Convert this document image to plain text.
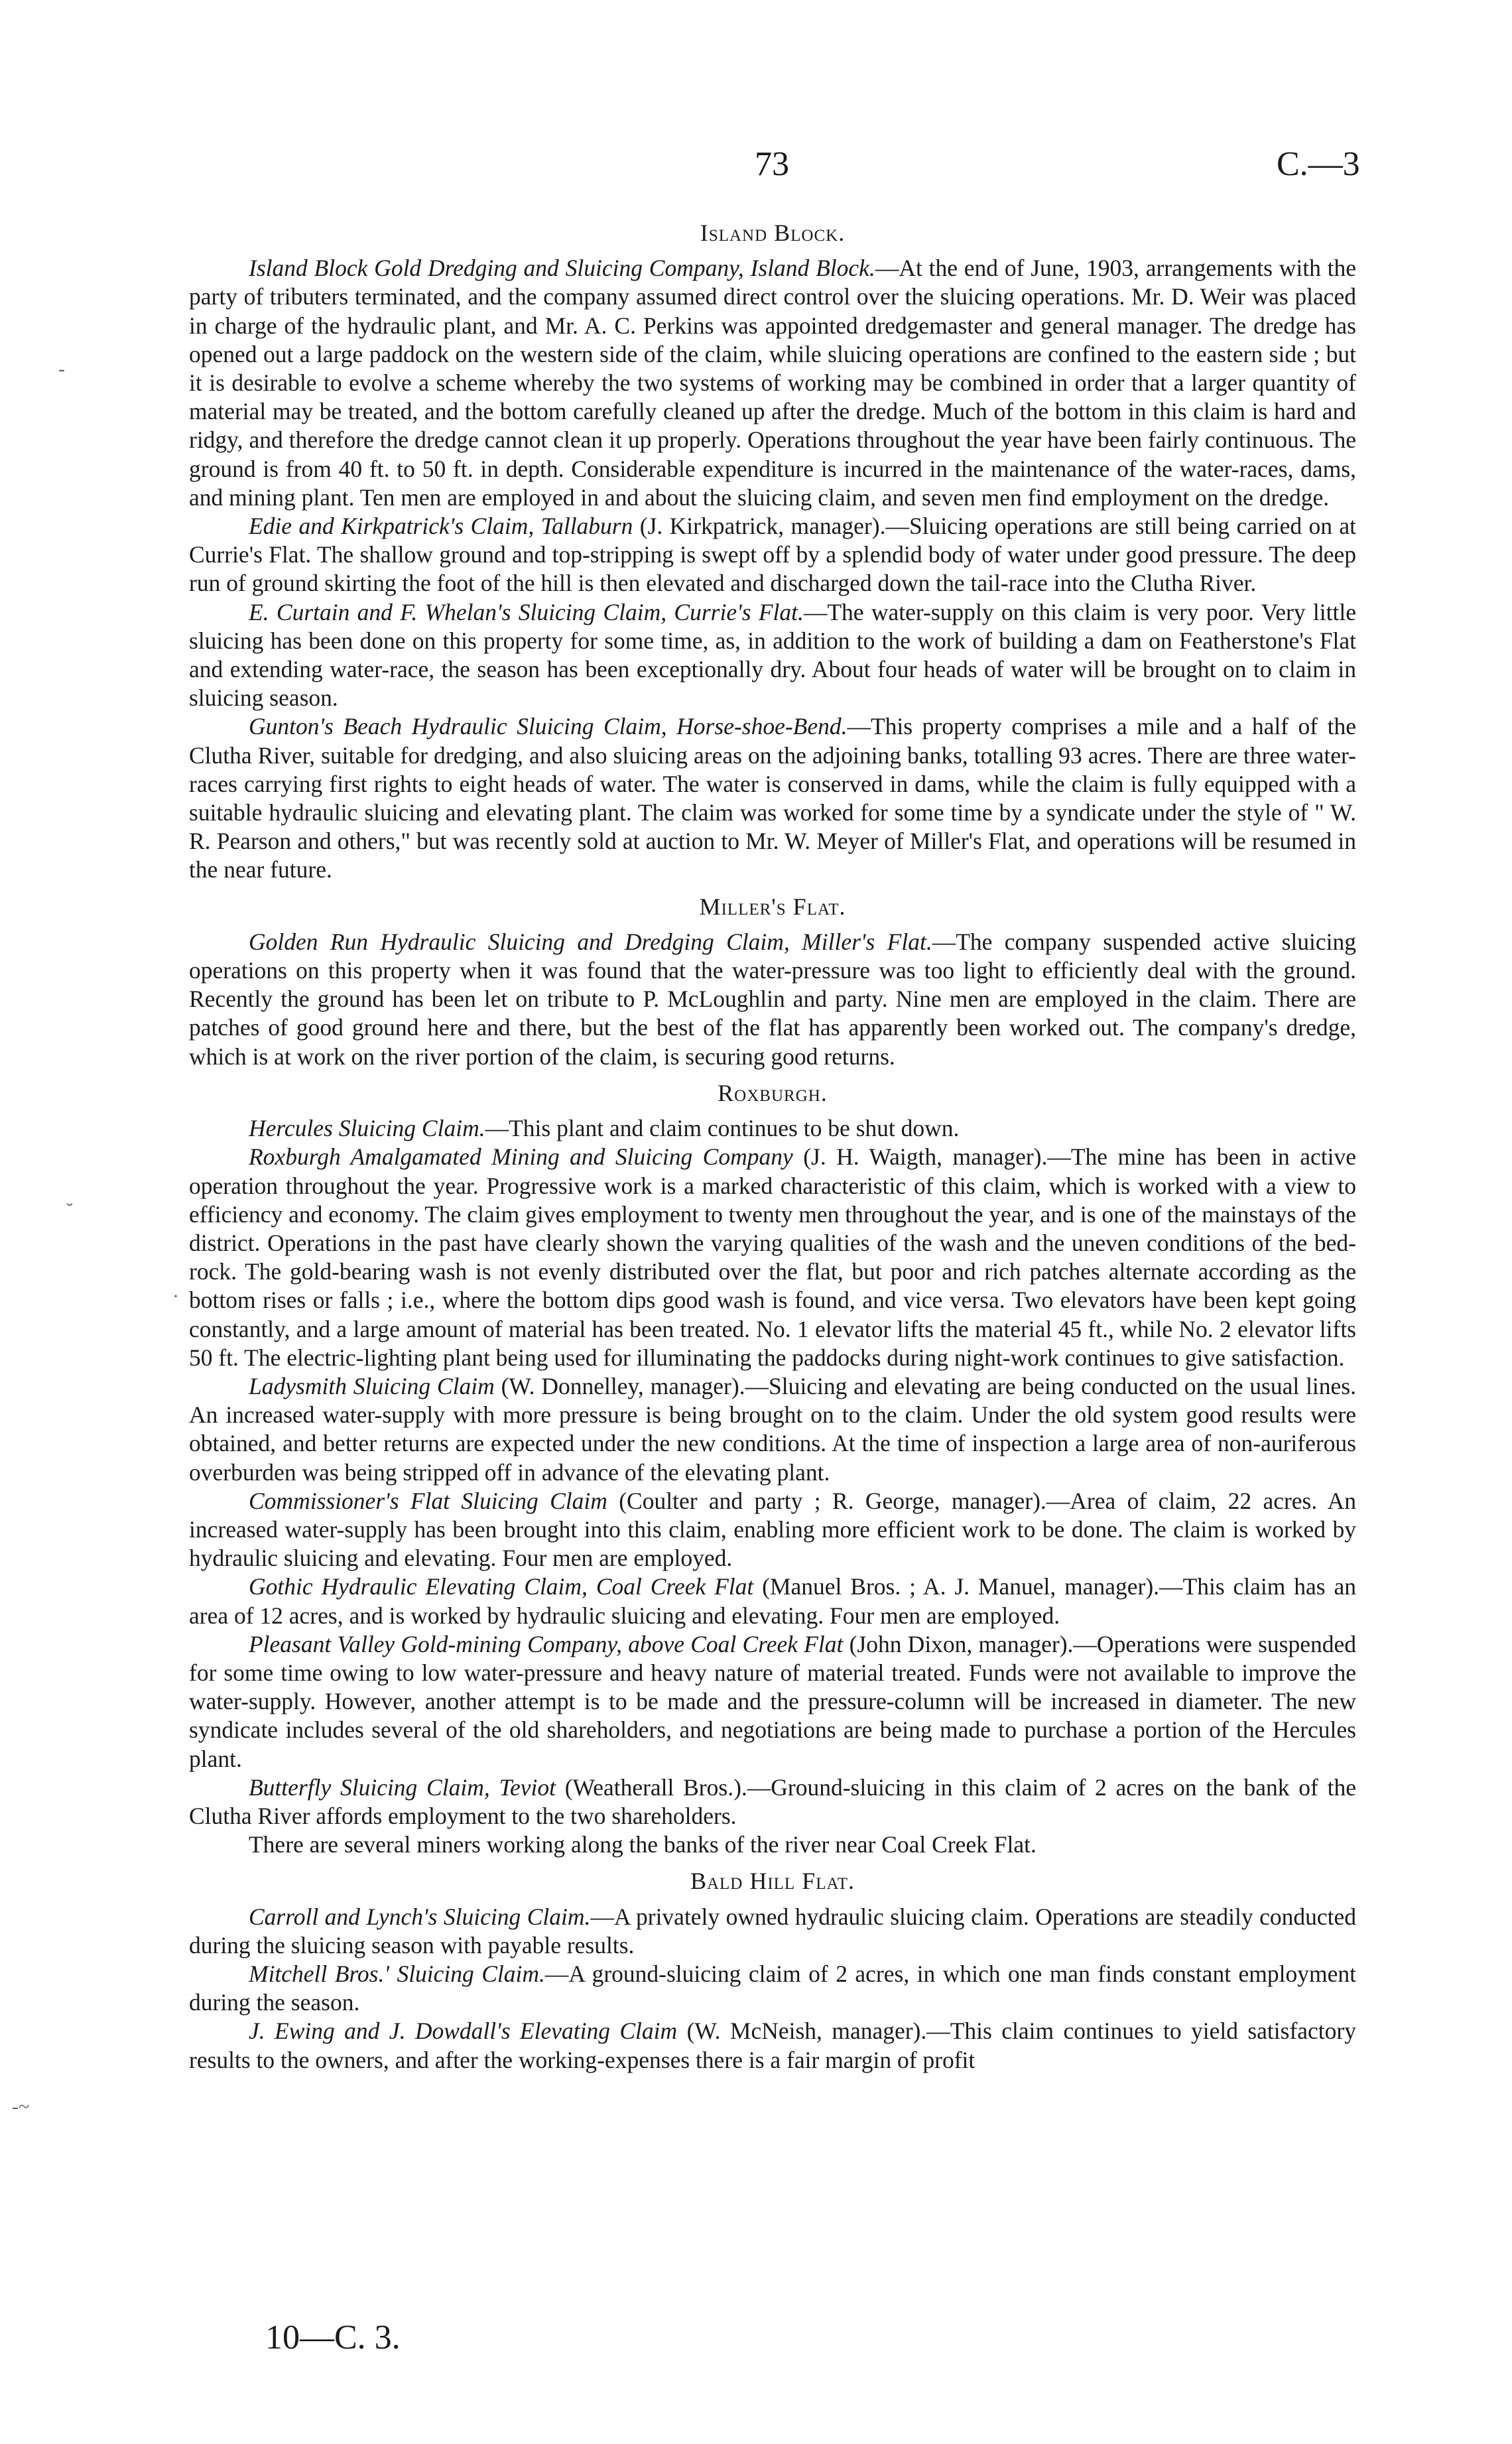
73	C.—3
-
˘
·
-~
Island Block.

Island Block Gold Dredging and Sluicing Company, Island Block.—At the end of June, 1903, arrangements with the party of tributers terminated, and the company assumed direct control over the sluicing operations. Mr. D. Weir was placed in charge of the hydraulic plant, and Mr. A. C. Perkins was appointed dredgemaster and general manager. The dredge has opened out a large paddock on the western side of the claim, while sluicing operations are confined to the eastern side ; but it is desirable to evolve a scheme whereby the two systems of working may be combined in order that a larger quantity of material may be treated, and the bottom carefully cleaned up after the dredge. Much of the bottom in this claim is hard and ridgy, and therefore the dredge cannot clean it up properly. Operations throughout the year have been fairly continuous. The ground is from 40 ft. to 50 ft. in depth. Considerable expenditure is incurred in the maintenance of the water-races, dams, and mining plant. Ten men are employed in and about the sluicing claim, and seven men find employment on the dredge.

Edie and Kirkpatrick's Claim, Tallaburn (J. Kirkpatrick, manager).—Sluicing operations are still being carried on at Currie's Flat. The shallow ground and top-stripping is swept off by a splendid body of water under good pressure. The deep run of ground skirting the foot of the hill is then elevated and discharged down the tail-race into the Clutha River.

E. Curtain and F. Whelan's Sluicing Claim, Currie's Flat.—The water-supply on this claim is very poor. Very little sluicing has been done on this property for some time, as, in addition to the work of building a dam on Featherstone's Flat and extending water-race, the season has been exceptionally dry. About four heads of water will be brought on to claim in sluicing season.

Gunton's Beach Hydraulic Sluicing Claim, Horse-shoe-Bend.—This property comprises a mile and a half of the Clutha River, suitable for dredging, and also sluicing areas on the adjoining banks, totalling 93 acres. There are three water-races carrying first rights to eight heads of water. The water is conserved in dams, while the claim is fully equipped with a suitable hydraulic sluicing and elevating plant. The claim was worked for some time by a syndicate under the style of " W. R. Pearson and others," but was recently sold at auction to Mr. W. Meyer of Miller's Flat, and operations will be resumed in the near future.

Miller's Flat.

Golden Run Hydraulic Sluicing and Dredging Claim, Miller's Flat.—The company suspended active sluicing operations on this property when it was found that the water-pressure was too light to efficiently deal with the ground. Recently the ground has been let on tribute to P. McLoughlin and party. Nine men are employed in the claim. There are patches of good ground here and there, but the best of the flat has apparently been worked out. The company's dredge, which is at work on the river portion of the claim, is securing good returns.

Roxburgh.

Hercules Sluicing Claim.—This plant and claim continues to be shut down.

Roxburgh Amalgamated Mining and Sluicing Company (J. H. Waigth, manager).—The mine has been in active operation throughout the year. Progressive work is a marked characteristic of this claim, which is worked with a view to efficiency and economy. The claim gives employment to twenty men throughout the year, and is one of the mainstays of the district. Operations in the past have clearly shown the varying qualities of the wash and the uneven conditions of the bed-rock. The gold-bearing wash is not evenly distributed over the flat, but poor and rich patches alternate according as the bottom rises or falls ; i.e., where the bottom dips good wash is found, and vice versa. Two elevators have been kept going constantly, and a large amount of material has been treated. No. 1 elevator lifts the material 45 ft., while No. 2 elevator lifts 50 ft. The electric-lighting plant being used for illuminating the paddocks during night-work continues to give satisfaction.

Ladysmith Sluicing Claim (W. Donnelley, manager).—Sluicing and elevating are being conducted on the usual lines. An increased water-supply with more pressure is being brought on to the claim. Under the old system good results were obtained, and better returns are expected under the new conditions. At the time of inspection a large area of non-auriferous overburden was being stripped off in advance of the elevating plant.

Commissioner's Flat Sluicing Claim (Coulter and party ; R. George, manager).—Area of claim, 22 acres. An increased water-supply has been brought into this claim, enabling more efficient work to be done. The claim is worked by hydraulic sluicing and elevating. Four men are employed.

Gothic Hydraulic Elevating Claim, Coal Creek Flat (Manuel Bros. ; A. J. Manuel, manager).—This claim has an area of 12 acres, and is worked by hydraulic sluicing and elevating. Four men are employed.

Pleasant Valley Gold-mining Company, above Coal Creek Flat (John Dixon, manager).—Operations were suspended for some time owing to low water-pressure and heavy nature of material treated. Funds were not available to improve the water-supply. However, another attempt is to be made and the pressure-column will be increased in diameter. The new syndicate includes several of the old shareholders, and negotiations are being made to purchase a portion of the Hercules plant.

Butterfly Sluicing Claim, Teviot (Weatherall Bros.).—Ground-sluicing in this claim of 2 acres on the bank of the Clutha River affords employment to the two shareholders.

There are several miners working along the banks of the river near Coal Creek Flat.

Bald Hill Flat.

Carroll and Lynch's Sluicing Claim.—A privately owned hydraulic sluicing claim. Operations are steadily conducted during the sluicing season with payable results.

Mitchell Bros.' Sluicing Claim.—A ground-sluicing claim of 2 acres, in which one man finds constant employment during the season.

J. Ewing and J. Dowdall's Elevating Claim (W. McNeish, manager).—This claim continues to yield satisfactory results to the owners, and after the working-expenses there is a fair margin of profit

10—C. 3.
